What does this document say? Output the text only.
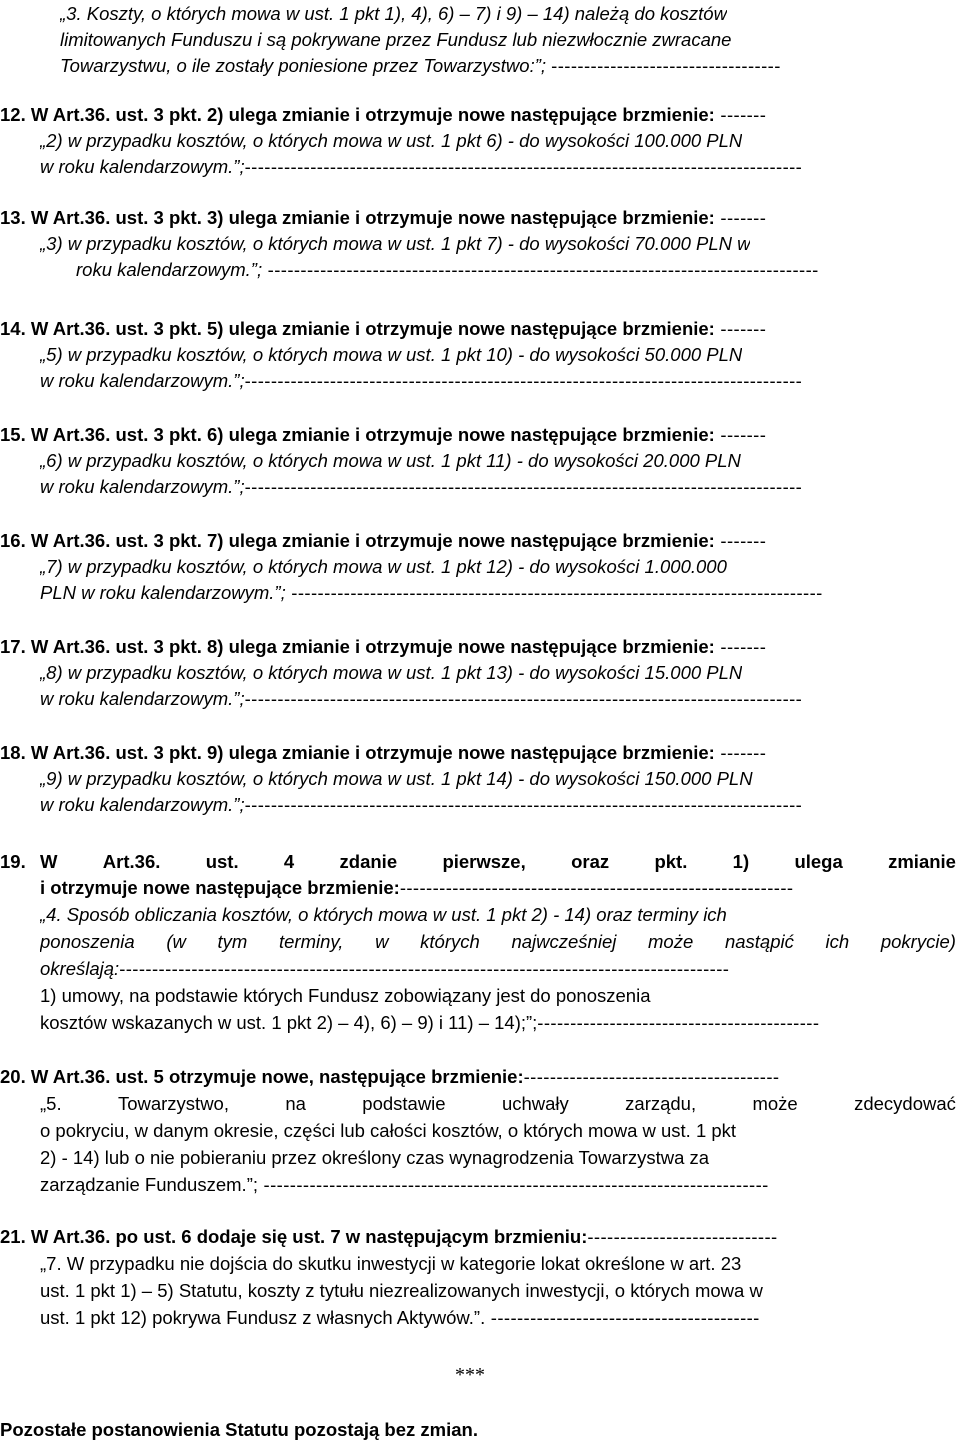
„3. Koszty, o których mowa w ust. 1 pkt 1), 4), 6) – 7) i 9) – 14) należą do kosztów
limitowanych Funduszu i są pokrywane przez Fundusz lub niezwłocznie zwracane
Towarzystwu, o ile zostały poniesione przez Towarzystwo:”; -----------------------------------
12. W Art.36. ust. 3 pkt. 2) ulega zmianie i otrzymuje nowe następujące brzmienie: -------
„2) w przypadku kosztów, o których mowa w ust. 1 pkt 6) - do wysokości 100.000 PLN
w roku kalendarzowym.”;-------------------------------------------------------------------------------------
13. W Art.36. ust. 3 pkt. 3) ulega zmianie i otrzymuje nowe następujące brzmienie: -------
„3) w przypadku kosztów, o których mowa w ust. 1 pkt 7) - do wysokości 70.000 PLN w
roku kalendarzowym.”; ------------------------------------------------------------------------------------
14. W Art.36. ust. 3 pkt. 5) ulega zmianie i otrzymuje nowe następujące brzmienie: -------
„5) w przypadku kosztów, o których mowa w ust. 1 pkt 10) - do wysokości 50.000 PLN
w roku kalendarzowym.”;-------------------------------------------------------------------------------------
15. W Art.36. ust. 3 pkt. 6) ulega zmianie i otrzymuje nowe następujące brzmienie: -------
„6) w przypadku kosztów, o których mowa w ust. 1 pkt 11) - do wysokości 20.000 PLN
w roku kalendarzowym.”;-------------------------------------------------------------------------------------
16. W Art.36. ust. 3 pkt. 7) ulega zmianie i otrzymuje nowe następujące brzmienie: -------
„7) w przypadku kosztów, o których mowa w ust. 1 pkt 12) - do wysokości 1.000.000
PLN w roku kalendarzowym.”; ---------------------------------------------------------------------------------
17. W Art.36. ust. 3 pkt. 8) ulega zmianie i otrzymuje nowe następujące brzmienie: -------
„8) w przypadku kosztów, o których mowa w ust. 1 pkt 13) - do wysokości 15.000 PLN
w roku kalendarzowym.”;-------------------------------------------------------------------------------------
18. W Art.36. ust. 3 pkt. 9) ulega zmianie i otrzymuje nowe następujące brzmienie: -------
„9) w przypadku kosztów, o których mowa w ust. 1 pkt 14) - do wysokości 150.000 PLN
w roku kalendarzowym.”;-------------------------------------------------------------------------------------
19. W Art.36. ust. 4 zdanie pierwsze, oraz pkt. 1) ulega zmianie
i otrzymuje nowe następujące brzmienie:------------------------------------------------------------
„4. Sposób obliczania kosztów, o których mowa w ust. 1 pkt 2) - 14) oraz terminy ich
ponoszenia (w tym terminy, w których najwcześniej może nastąpić ich pokrycie)
określają:---------------------------------------------------------------------------------------------
1) umowy, na podstawie których Fundusz zobowiązany jest do ponoszenia
kosztów wskazanych w ust. 1 pkt 2) – 4), 6) – 9) i 11) – 14);”;-------------------------------------------
20. W Art.36. ust. 5 otrzymuje nowe, następujące brzmienie:---------------------------------------
„5.	Towarzystwo,	na	podstawie	uchwały	zarządu,	może	zdecydować
o pokryciu, w danym okresie, części lub całości kosztów, o których mowa w ust. 1 pkt
2) - 14) lub o nie pobieraniu przez określony czas wynagrodzenia Towarzystwa za
zarządzanie Funduszem.”; -----------------------------------------------------------------------------
21. W Art.36. po ust. 6 dodaje się ust. 7 w następującym brzmieniu:-----------------------------
„7. W przypadku nie dojścia do skutku inwestycji w kategorie lokat określone w art. 23
ust. 1 pkt 1) – 5) Statutu, koszty z tytułu niezrealizowanych inwestycji, o których mowa w
ust. 1 pkt 12) pokrywa Fundusz z własnych Aktywów.”. -----------------------------------------
***
Pozostałe postanowienia Statutu pozostają bez zmian.
